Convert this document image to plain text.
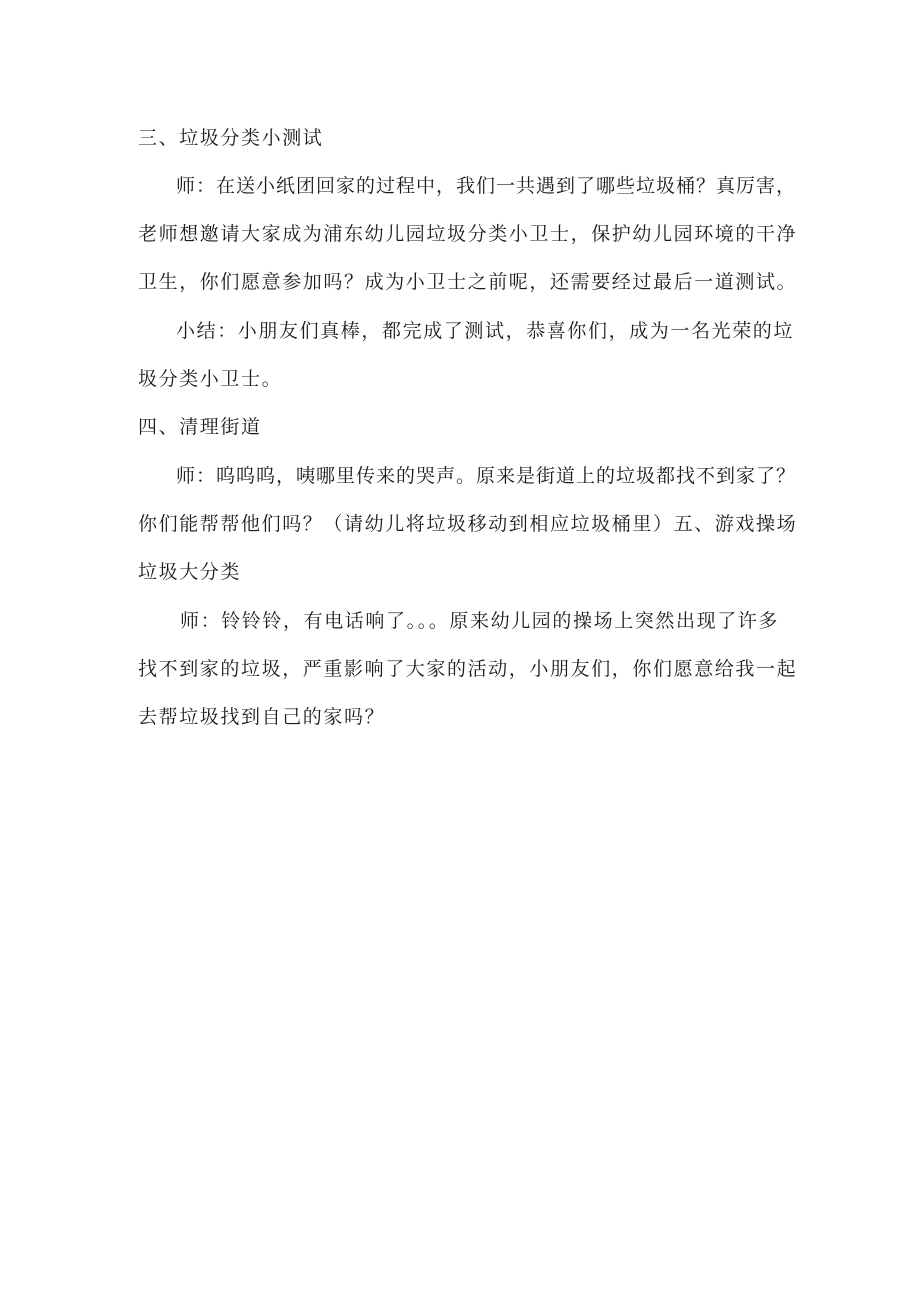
三、垃圾分类小测试
师：在送小纸团回家的过程中，我们一共遇到了哪些垃圾桶？真厉害，
老师想邀请大家成为浦东幼儿园垃圾分类小卫士，保护幼儿园环境的干净
卫生，你们愿意参加吗？成为小卫士之前呢，还需要经过最后一道测试。
小结：小朋友们真棒，都完成了测试，恭喜你们，成为一名光荣的垃
圾分类小卫士。
四、清理街道
师：呜呜呜，咦哪里传来的哭声。原来是街道上的垃圾都找不到家了？
你们能帮帮他们吗？（请幼儿将垃圾移动到相应垃圾桶里）五、游戏操场
垃圾大分类
师：铃铃铃，有电话响了。。。原来幼儿园的操场上突然出现了许多
找不到家的垃圾，严重影响了大家的活动，小朋友们，你们愿意给我一起
去帮垃圾找到自己的家吗？
